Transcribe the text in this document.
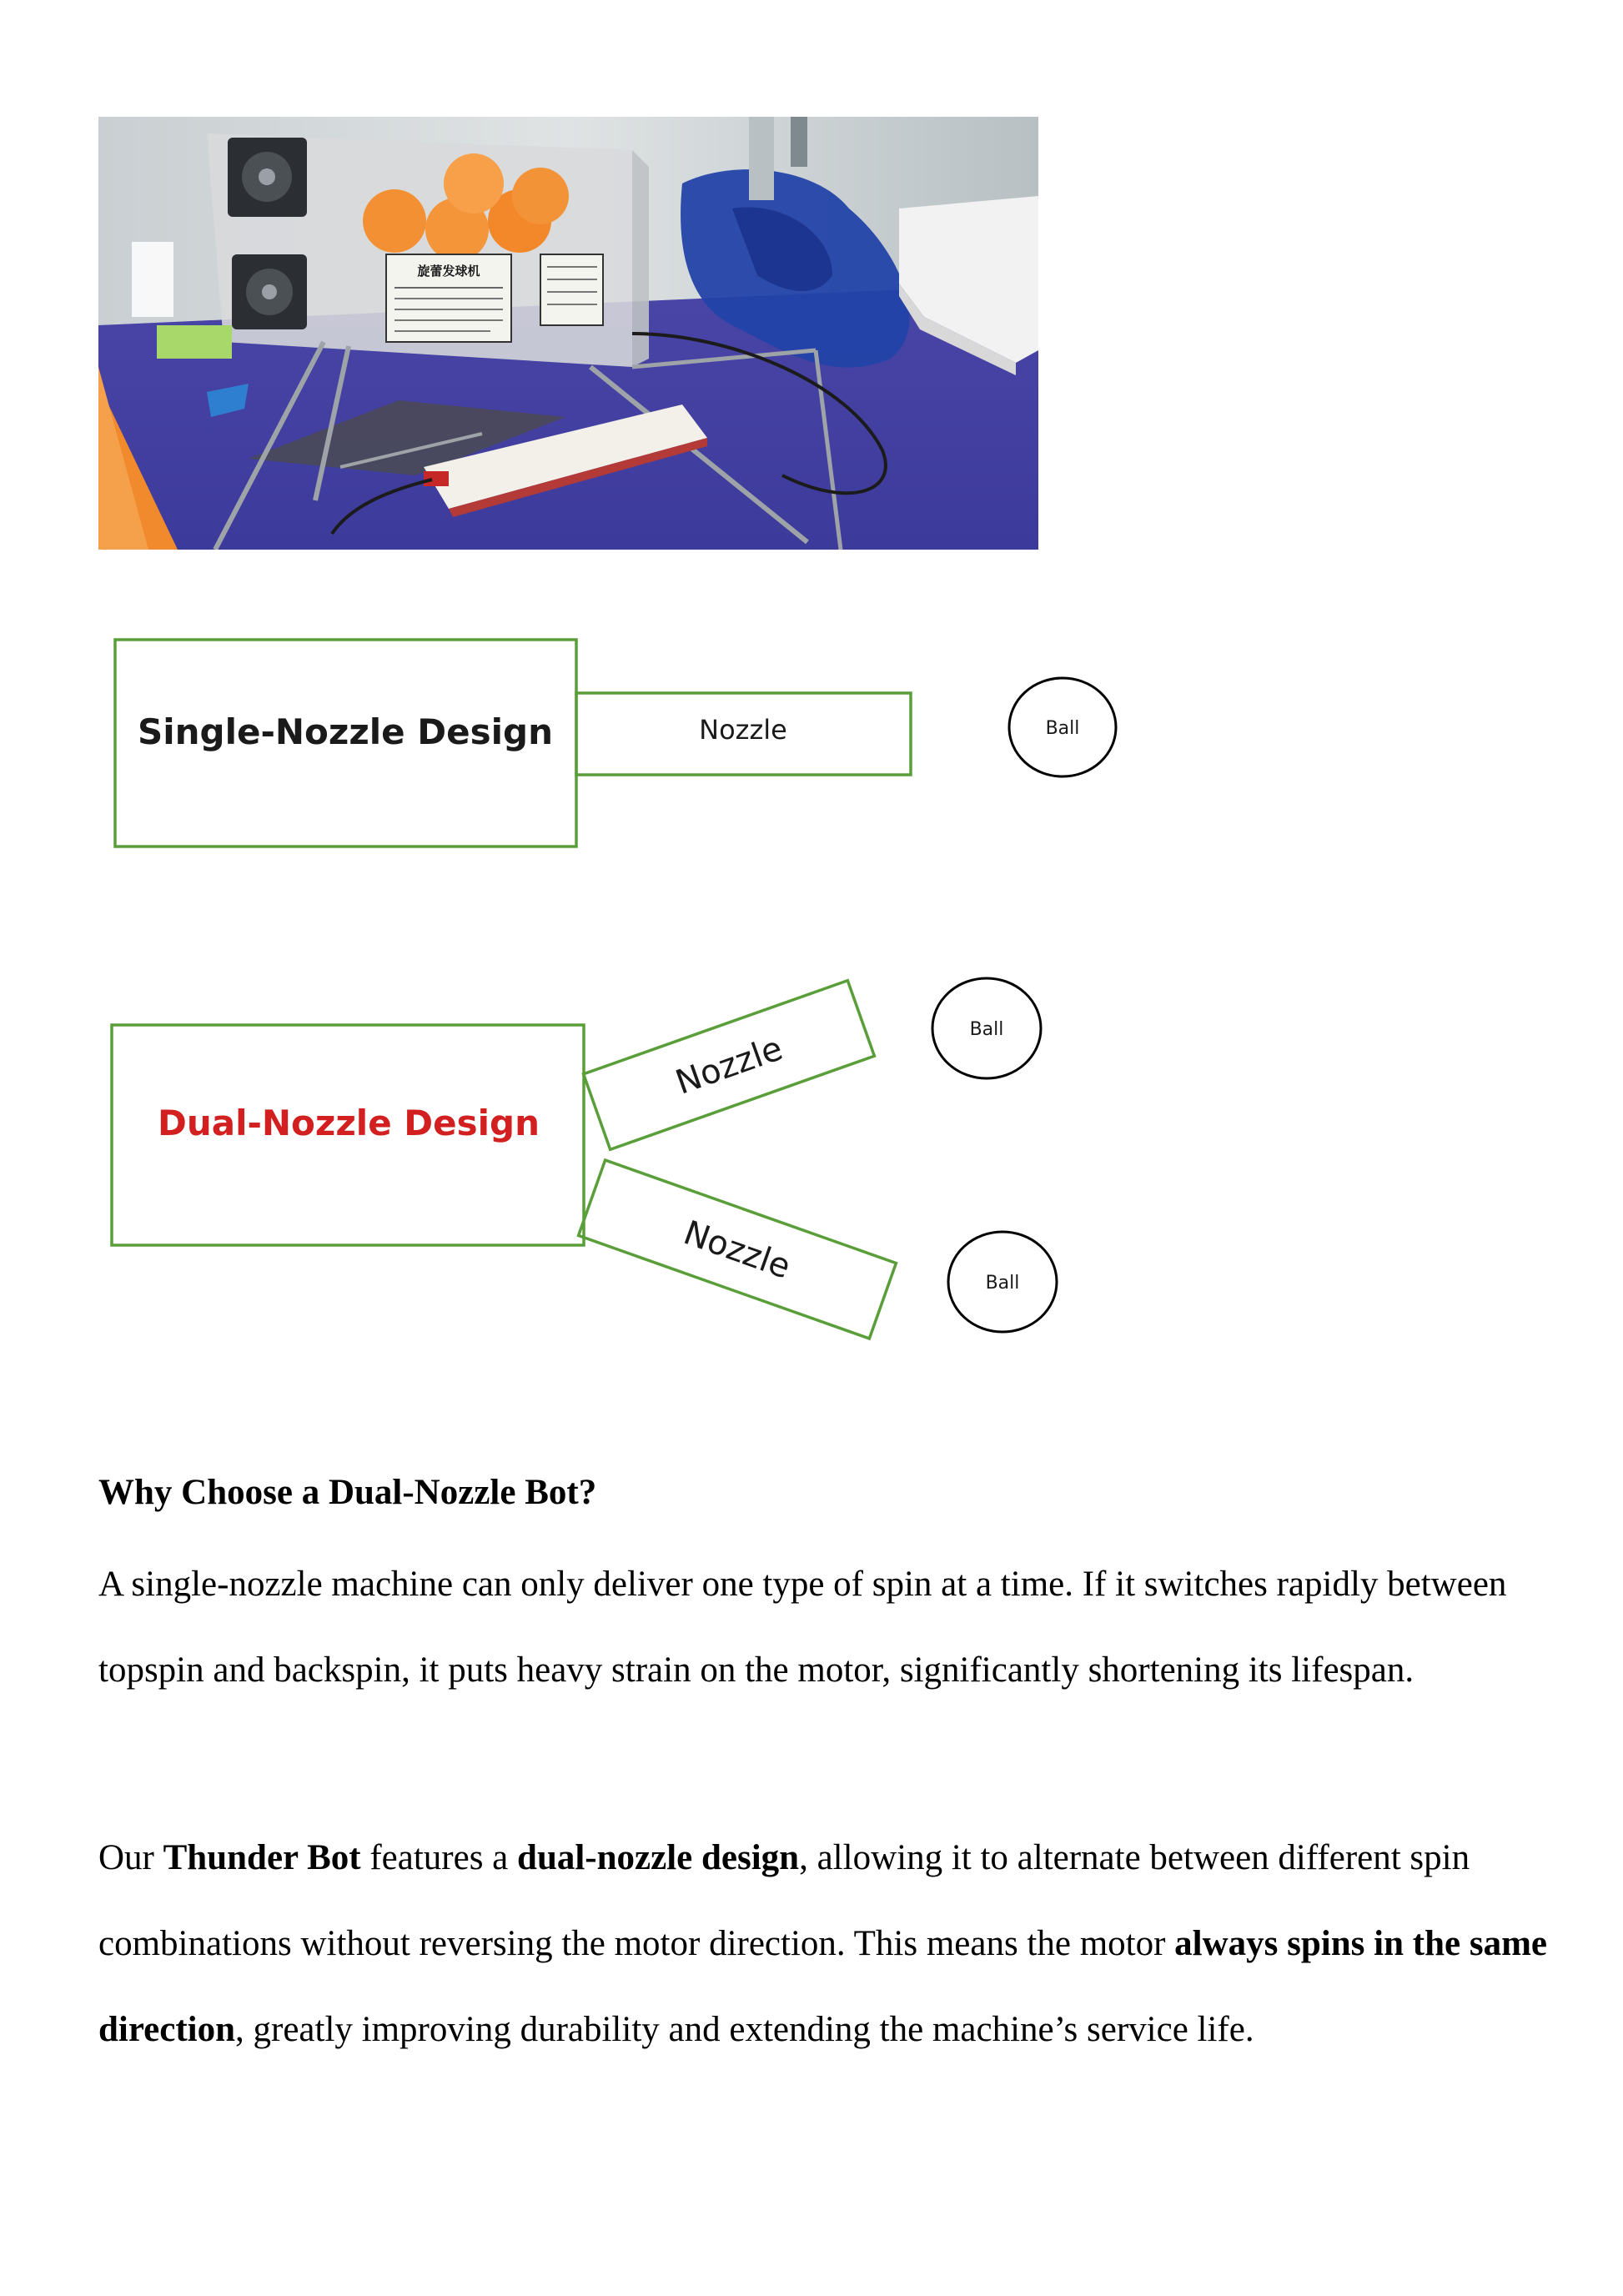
旋蕾发球机
Single-Nozzle Design	Nozzle	Ball
Dual-Nozzle Design
Nozzle
Nozzle
Ball
Ball
Why Choose a Dual-Nozzle Bot?

A single-nozzle machine can only deliver one type of spin at a time. If it switches rapidly between topspin and backspin, it puts heavy strain on the motor, significantly shortening its lifespan.

Our Thunder Bot features a dual-nozzle design, allowing it to alternate between different spin combinations without reversing the motor direction. This means the motor always spins in the same direction, greatly improving durability and extending the machine’s service life.
